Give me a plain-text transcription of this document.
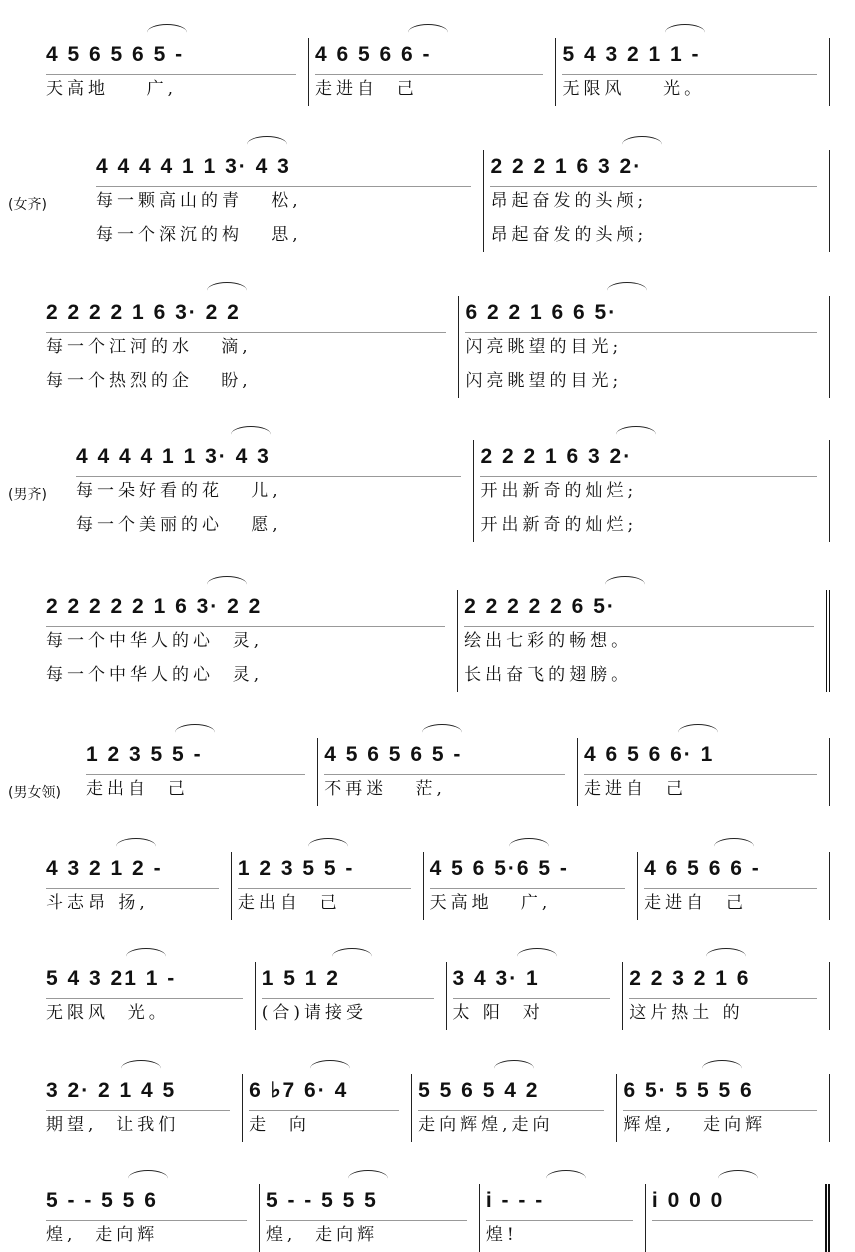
4 5 6 5 6 5 -
天高地    广,
4 6 5 6 6 -
走进自  己
5 4 3 2 1 1 -
无限风    光。
(女齐)
4 4 4 4 1 1 3· 4 3
每一颗高山的青   松,
每一个深沉的构   思,
2 2 2 1 6 3 2·
昂起奋发的头颅;
昂起奋发的头颅;
2 2 2 2 1 6 3· 2 2
每一个江河的水   滴,
每一个热烈的企   盼,
6 2 2 1 6 6 5·
闪亮眺望的目光;
闪亮眺望的目光;
(男齐)
4 4 4 4 1 1 3· 4 3
每一朵好看的花   儿,
每一个美丽的心   愿,
2 2 2 1 6 3 2·
开出新奇的灿烂;
开出新奇的灿烂;
2 2 2 2 2 1 6 3· 2 2
每一个中华人的心  灵,
每一个中华人的心  灵,
2 2 2 2 2 6 5·
绘出七彩的畅想。
长出奋飞的翅膀。
(男女领)
1 2 3 5 5 -
走出自  己
4 5 6 5 6 5 -
不再迷   茫,
4 6 5 6 6· 1
走进自  己
4 3 2 1 2 -
斗志昂 扬,
1 2 3 5 5 -
走出自  己
4 5 6 5·6 5 -
天高地   广,
4 6 5 6 6 -
走进自  己
5 4 3 21 1 -
无限风  光。
1 5 1 2
(合)请接受
3 4 3· 1
太 阳  对
2 2 3 2 1 6
这片热土 的
3 2· 2 1 4 5
期望,  让我们
6 ♭7 6· 4
走  向
5 5 6 5 4 2
走向辉煌,走向
6 5· 5 5 5 6
辉煌,   走向辉
5 - - 5 5 6
煌,  走向辉
5 - - 5 5 5
煌,  走向辉
i - - -
煌!
i 0 0 0
